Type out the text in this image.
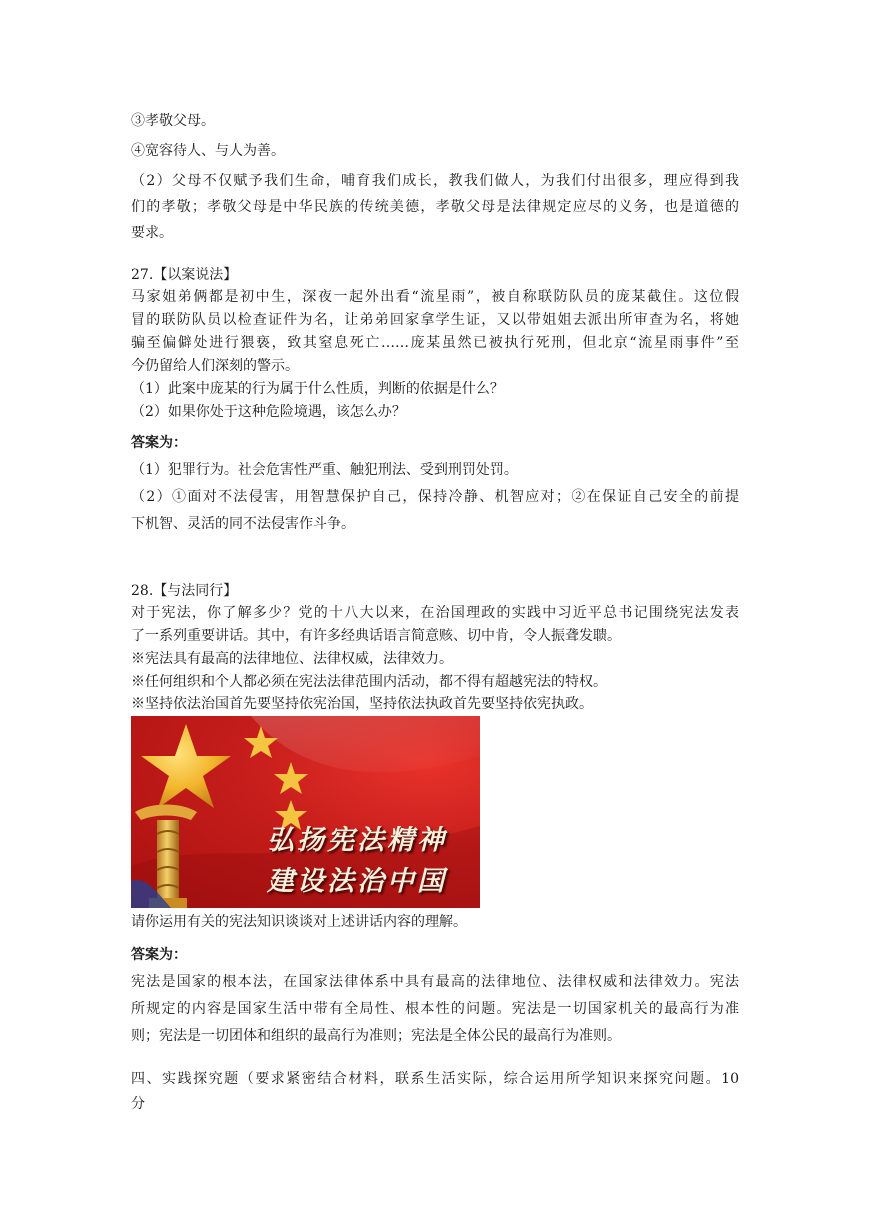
③孝敬父母。
④宽容待人、与人为善。
（2）父母不仅赋予我们生命，哺育我们成长，教我们做人，为我们付出很多，理应得到我
们的孝敬；孝敬父母是中华民族的传统美德，孝敬父母是法律规定应尽的义务，也是道德的
要求。
27.【以案说法】
马家姐弟俩都是初中生，深夜一起外出看“流星雨”，被自称联防队员的庞某截住。这位假
冒的联防队员以检查证件为名，让弟弟回家拿学生证，又以带姐姐去派出所审查为名，将她
骗至偏僻处进行猥亵，致其窒息死亡……庞某虽然已被执行死刑，但北京“流星雨事件”至
今仍留给人们深刻的警示。
（1）此案中庞某的行为属于什么性质，判断的依据是什么？
（2）如果你处于这种危险境遇，该怎么办？
答案为：
（1）犯罪行为。社会危害性严重、触犯刑法、受到刑罚处罚。
（2）①面对不法侵害，用智慧保护自己，保持冷静、机智应对；②在保证自己安全的前提
下机智、灵活的同不法侵害作斗争。
28.【与法同行】
对于宪法，你了解多少？党的十八大以来，在治国理政的实践中习近平总书记围绕宪法发表
了一系列重要讲话。其中，有许多经典话语言简意赅、切中肯，令人振聋发聩。
※宪法具有最高的法律地位、法律权威，法律效力。
※任何组织和个人都必须在宪法法律范围内活动，都不得有超越宪法的特权。
※坚持依法治国首先要坚持依宪治国，坚持依法执政首先要坚持依宪执政。
弘扬宪法精神
建设法治中国
请你运用有关的宪法知识谈谈对上述讲话内容的理解。
答案为：
宪法是国家的根本法，在国家法律体系中具有最高的法律地位、法律权威和法律效力。宪法
所规定的内容是国家生活中带有全局性、根本性的问题。宪法是一切国家机关的最高行为准
则；宪法是一切团体和组织的最高行为准则；宪法是全体公民的最高行为准则。
四、实践探究题（要求紧密结合材料，联系生活实际，综合运用所学知识来探究问题。10
分
